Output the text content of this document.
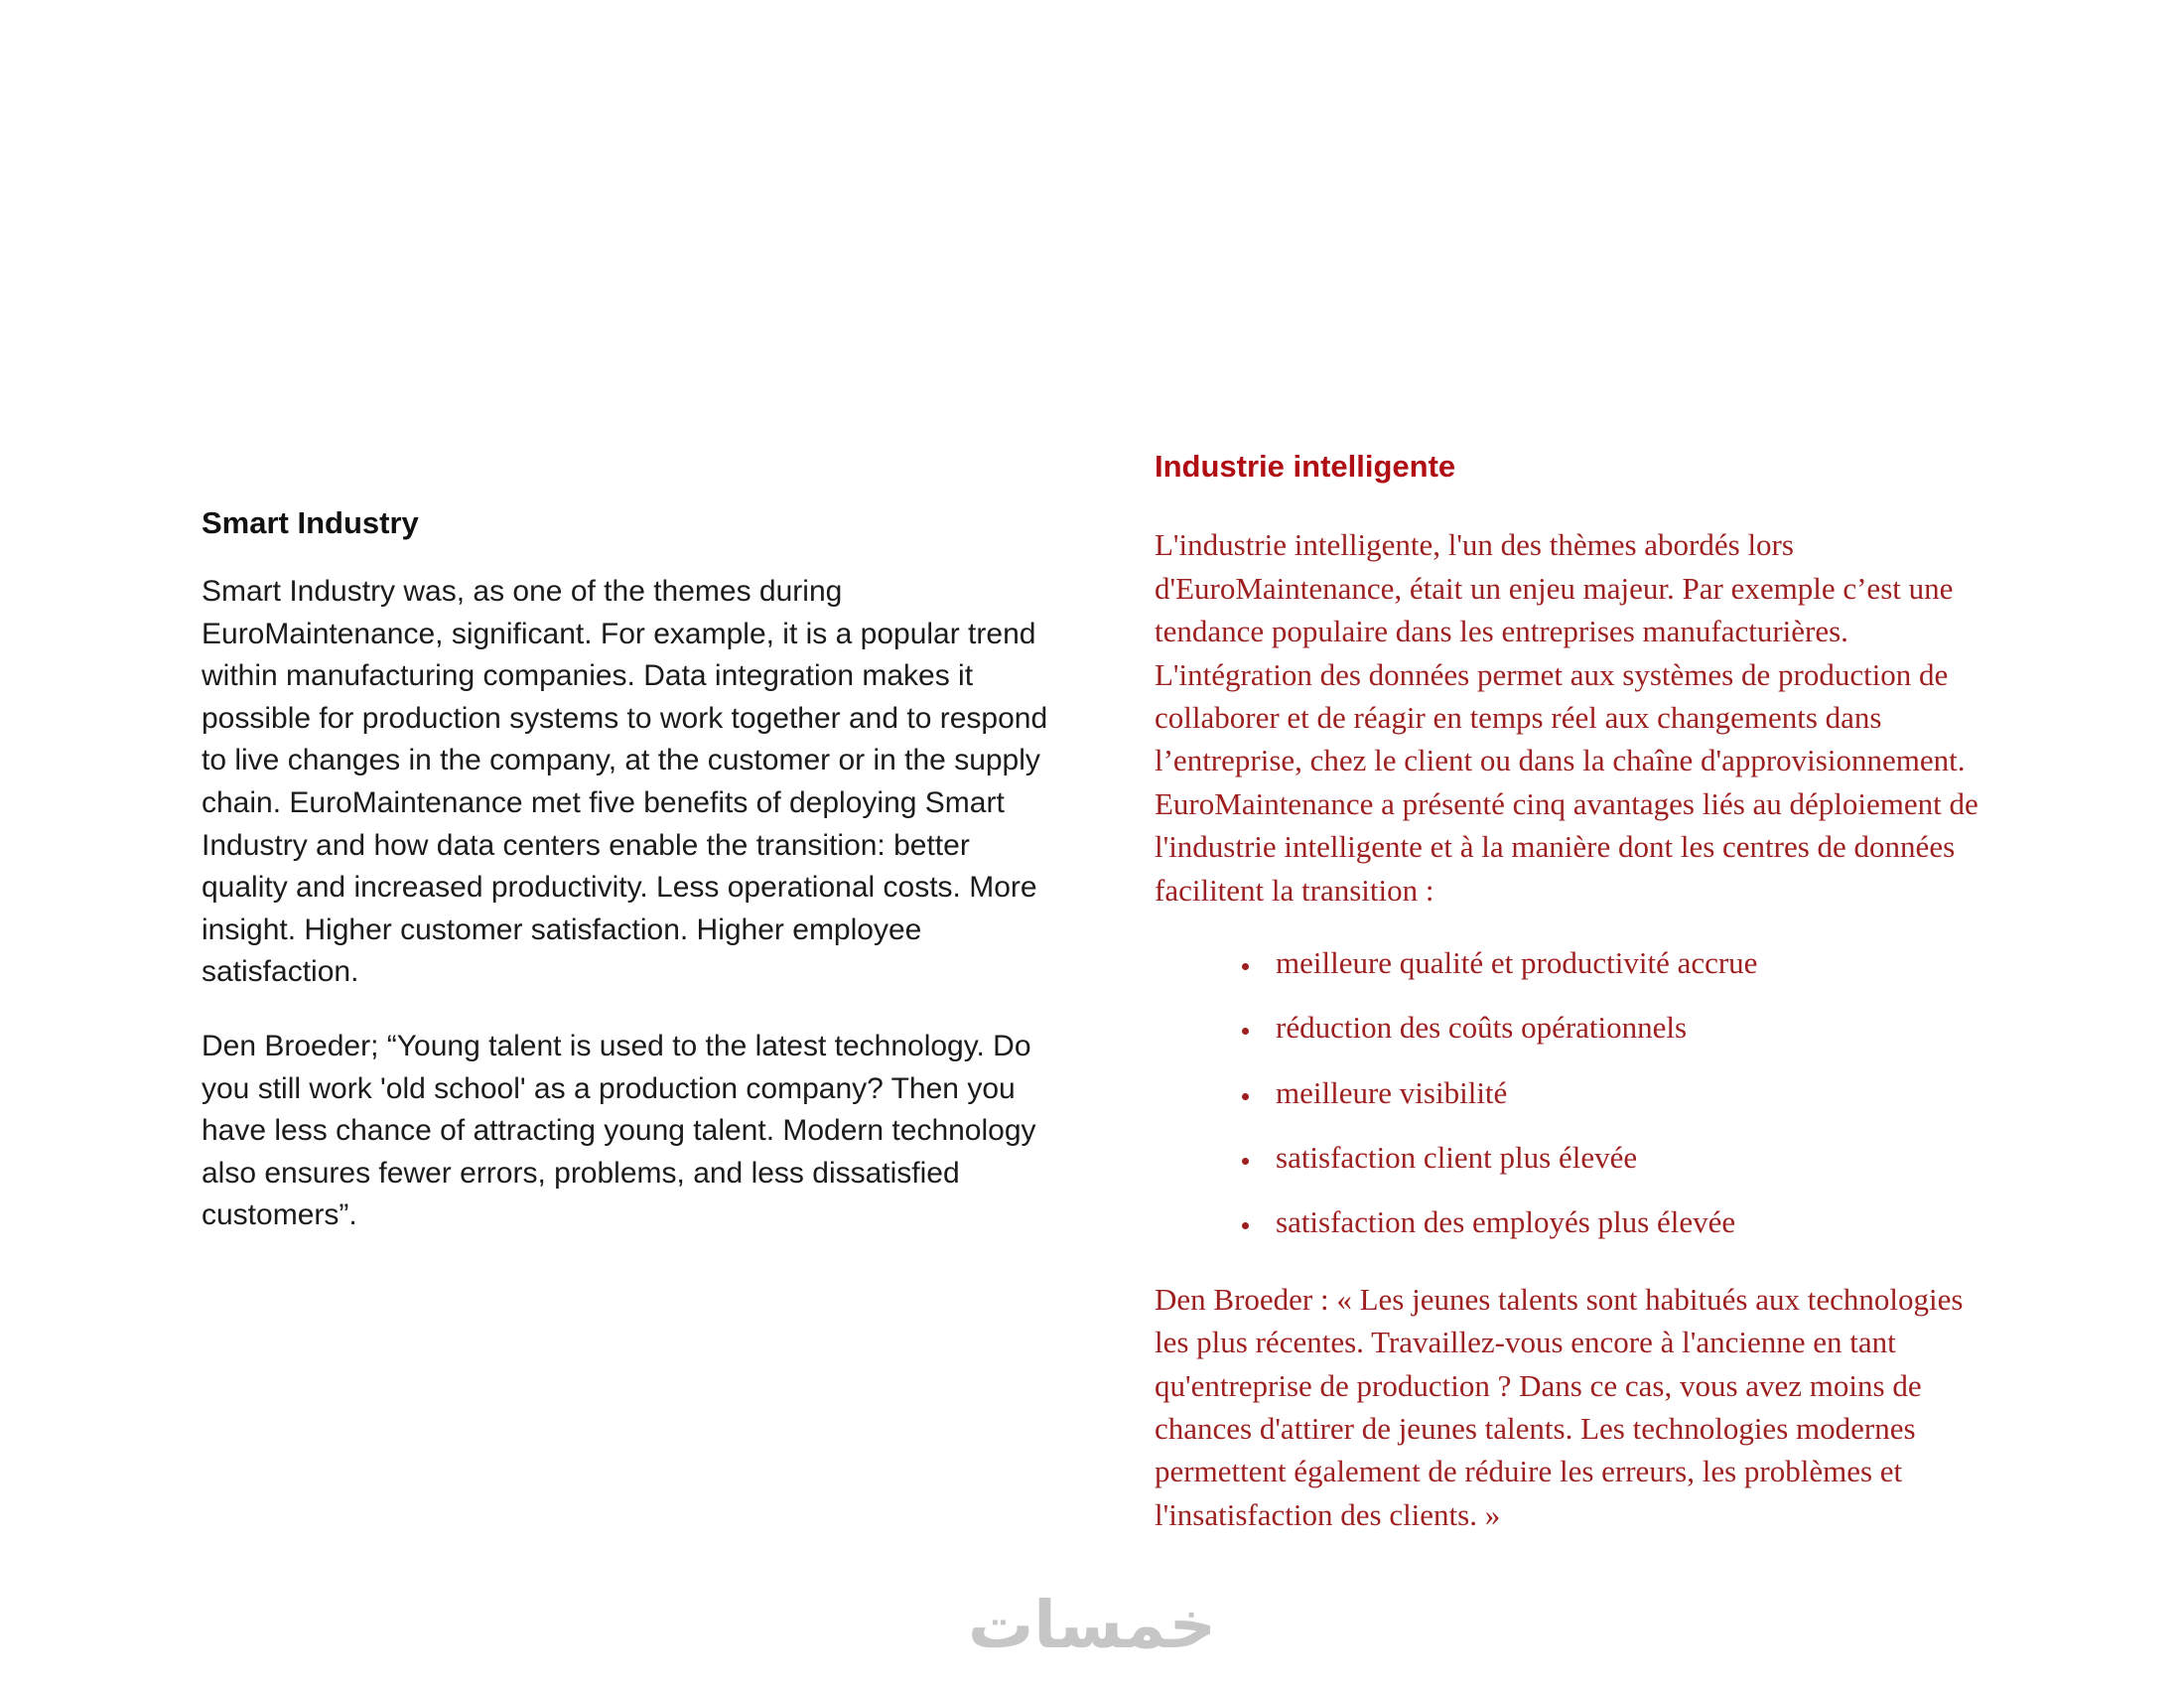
Smart Industry

Smart Industry was, as one of the themes during EuroMaintenance, significant. For example, it is a popular trend within manufacturing companies. Data integration makes it possible for production systems to work together and to respond to live changes in the company, at the customer or in the supply chain. EuroMaintenance met five benefits of deploying Smart Industry and how data centers enable the transition: better quality and increased productivity. Less operational costs. More insight. Higher customer satisfaction. Higher employee satisfaction.

Den Broeder; “Young talent is used to the latest technology. Do you still work 'old school' as a production company? Then you have less chance of attracting young talent. Modern technology also ensures fewer errors, problems, and less dissatisfied customers”.

Industrie intelligente

L'industrie intelligente, l'un des thèmes abordés lors d'EuroMaintenance, était un enjeu majeur. Par exemple c’est une tendance populaire dans les entreprises manufacturières. L'intégration des données permet aux systèmes de production de collaborer et de réagir en temps réel aux changements dans l’entreprise, chez le client ou dans la chaîne d'approvisionnement. EuroMaintenance a présenté cinq avantages liés au déploiement de l'industrie intelligente et à la manière dont les centres de données facilitent la transition :

• meilleure qualité et productivité accrue
• réduction des coûts opérationnels
• meilleure visibilité
• satisfaction client plus élevée
• satisfaction des employés plus élevée

Den Broeder : « Les jeunes talents sont habitués aux technologies les plus récentes. Travaillez-vous encore à l'ancienne en tant qu'entreprise de production ? Dans ce cas, vous avez moins de chances d'attirer de jeunes talents. Les technologies modernes permettent également de réduire les erreurs, les problèmes et l'insatisfaction des clients. »

خمسات
